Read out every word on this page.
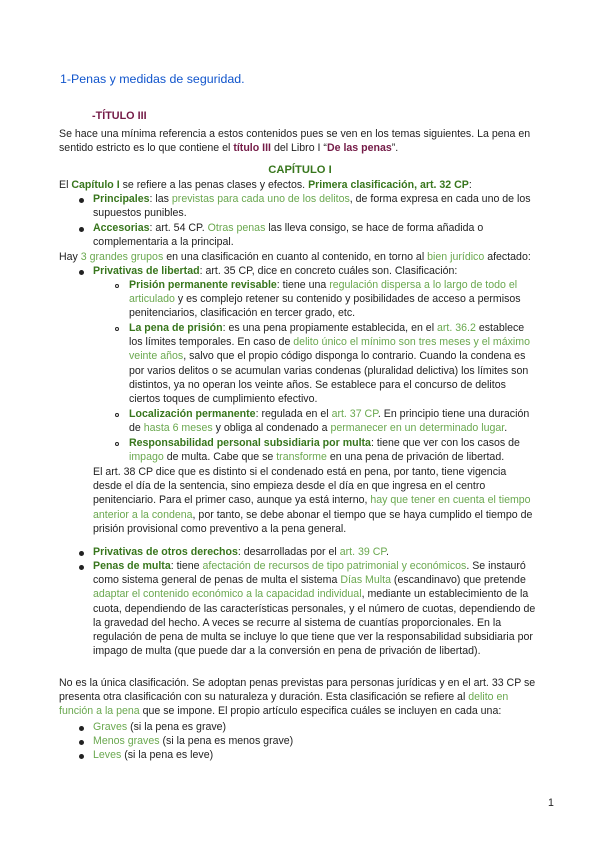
1-Penas y medidas de seguridad.
-TÍTULO III
Se hace una mínima referencia a estos contenidos pues se ven en los temas siguientes. La pena en
sentido estricto es lo que contiene el título III del Libro I “De las penas”.
CAPÍTULO I
El Capítulo I se refiere a las penas clases y efectos. Primera clasificación, art. 32 CP:
Principales: las previstas para cada uno de los delitos, de forma expresa en cada uno de los
supuestos punibles.
Accesorias: art. 54 CP. Otras penas las lleva consigo, se hace de forma añadida o
complementaria a la principal.
Hay 3 grandes grupos en una clasificación en cuanto al contenido, en torno al bien jurídico afectado:
Privativas de libertad: art. 35 CP, dice en concreto cuáles son. Clasificación:
Prisión permanente revisable: tiene una regulación dispersa a lo largo de todo el
articulado y es complejo retener su contenido y posibilidades de acceso a permisos
penitenciarios, clasificación en tercer grado, etc.
La pena de prisión: es una pena propiamente establecida, en el art. 36.2 establece
los límites temporales. En caso de delito único el mínimo son tres meses y el máximo
veinte años, salvo que el propio código disponga lo contrario. Cuando la condena es
por varios delitos o se acumulan varias condenas (pluralidad delictiva) los límites son
distintos, ya no operan los veinte años. Se establece para el concurso de delitos
ciertos toques de cumplimiento efectivo.
Localización permanente: regulada en el art. 37 CP. En principio tiene una duración
de hasta 6 meses y obliga al condenado a permanecer en un determinado lugar.
Responsabilidad personal subsidiaria por multa: tiene que ver con los casos de
impago de multa. Cabe que se transforme en una pena de privación de libertad.
El art. 38 CP dice que es distinto si el condenado está en pena, por tanto, tiene vigencia
desde el día de la sentencia, sino empieza desde el día en que ingresa en el centro
penitenciario. Para el primer caso, aunque ya está interno, hay que tener en cuenta el tiempo
anterior a la condena, por tanto, se debe abonar el tiempo que se haya cumplido el tiempo de
prisión provisional como preventivo a la pena general.
Privativas de otros derechos: desarrolladas por el art. 39 CP.
Penas de multa: tiene afectación de recursos de tipo patrimonial y económicos. Se instauró
como sistema general de penas de multa el sistema Días Multa (escandinavo) que pretende
adaptar el contenido económico a la capacidad individual, mediante un establecimiento de la
cuota, dependiendo de las características personales, y el número de cuotas, dependiendo de
la gravedad del hecho. A veces se recurre al sistema de cuantías proporcionales. En la
regulación de pena de multa se incluye lo que tiene que ver la responsabilidad subsidiaria por
impago de multa (que puede dar a la conversión en pena de privación de libertad).
No es la única clasificación. Se adoptan penas previstas para personas jurídicas y en el art. 33 CP se
presenta otra clasificación con su naturaleza y duración. Esta clasificación se refiere al delito en
función a la pena que se impone. El propio artículo especifica cuáles se incluyen en cada una:
Graves (si la pena es grave)
Menos graves (si la pena es menos grave)
Leves (si la pena es leve)
1
